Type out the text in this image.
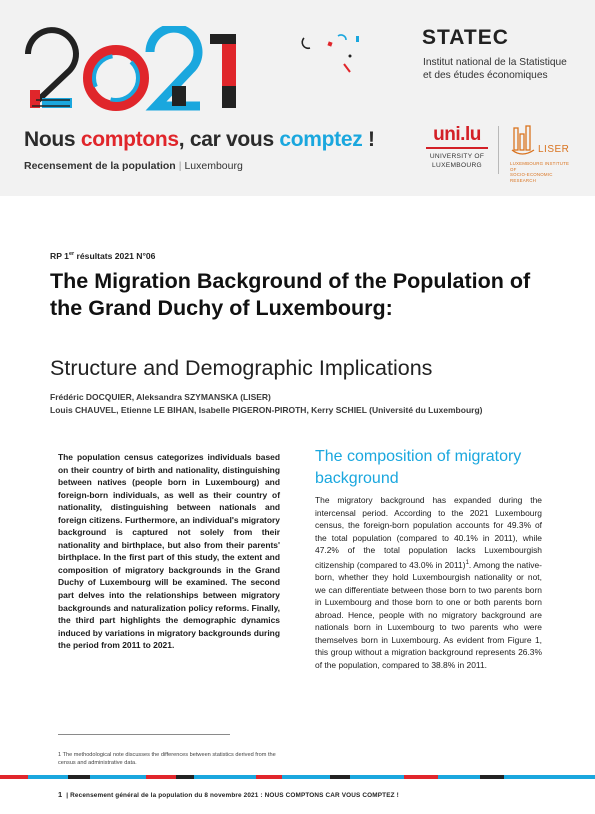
STATEC
Institut national de la Statistique
et des études économiques
Nous comptons, car vous comptez !
Recensement de la population | Luxembourg
uni.lu
UNIVERSITY OF
LUXEMBOURG
LISER
LUXEMBOURG INSTITUTE OF
SOCIO-ECONOMIC RESEARCH
RP 1er résultats 2021 N°06
The Migration Background of the Population of the Grand Duchy of Luxembourg:
Structure and Demographic Implications
Frédéric DOCQUIER, Aleksandra SZYMANSKA (LISER)
Louis CHAUVEL, Etienne LE BIHAN, Isabelle PIGERON-PIROTH, Kerry SCHIEL (Université du Luxembourg)
The population census categorizes individuals based on their country of birth and nationality, distinguishing between natives (people born in Luxembourg) and foreign-born individuals, as well as their country of nationality, distinguishing between nationals and foreign citizens. Furthermore, an individual's migratory background is captured not solely from their nationality and birthplace, but also from their parents' birthplace. In the first part of this study, the extent and composition of migratory backgrounds in the Grand Duchy of Luxembourg will be examined. The second part delves into the relationships between migratory backgrounds and naturalization policy reforms. Finally, the third part highlights the demographic dynamics induced by variations in migratory backgrounds during the period from 2011 to 2021.
The composition of migratory background
The migratory background has expanded during the intercensal period. According to the 2021 Luxembourg census, the foreign-born population accounts for 49.3% of the total population (compared to 40.1% in 2011), while 47.2% of the total population lacks Luxembourgish citizenship (compared to 43.0% in 2011)$^1$. Among the native-born, whether they hold Luxembourgish nationality or not, we can differentiate between those born to two parents born in Luxembourg and those born to one or both parents born abroad. Hence, people with no migratory background are nationals born in Luxembourg to two parents who were themselves born in Luxembourg. As evident from Figure 1, this group without a migration background represents 26.3% of the population, compared to 38.8% in 2011.
1 The methodological note discusses the differences between statistics derived from the census and administrative data.
1 | Recensement général de la population du 8 novembre 2021 : NOUS COMPTONS CAR VOUS COMPTEZ !
